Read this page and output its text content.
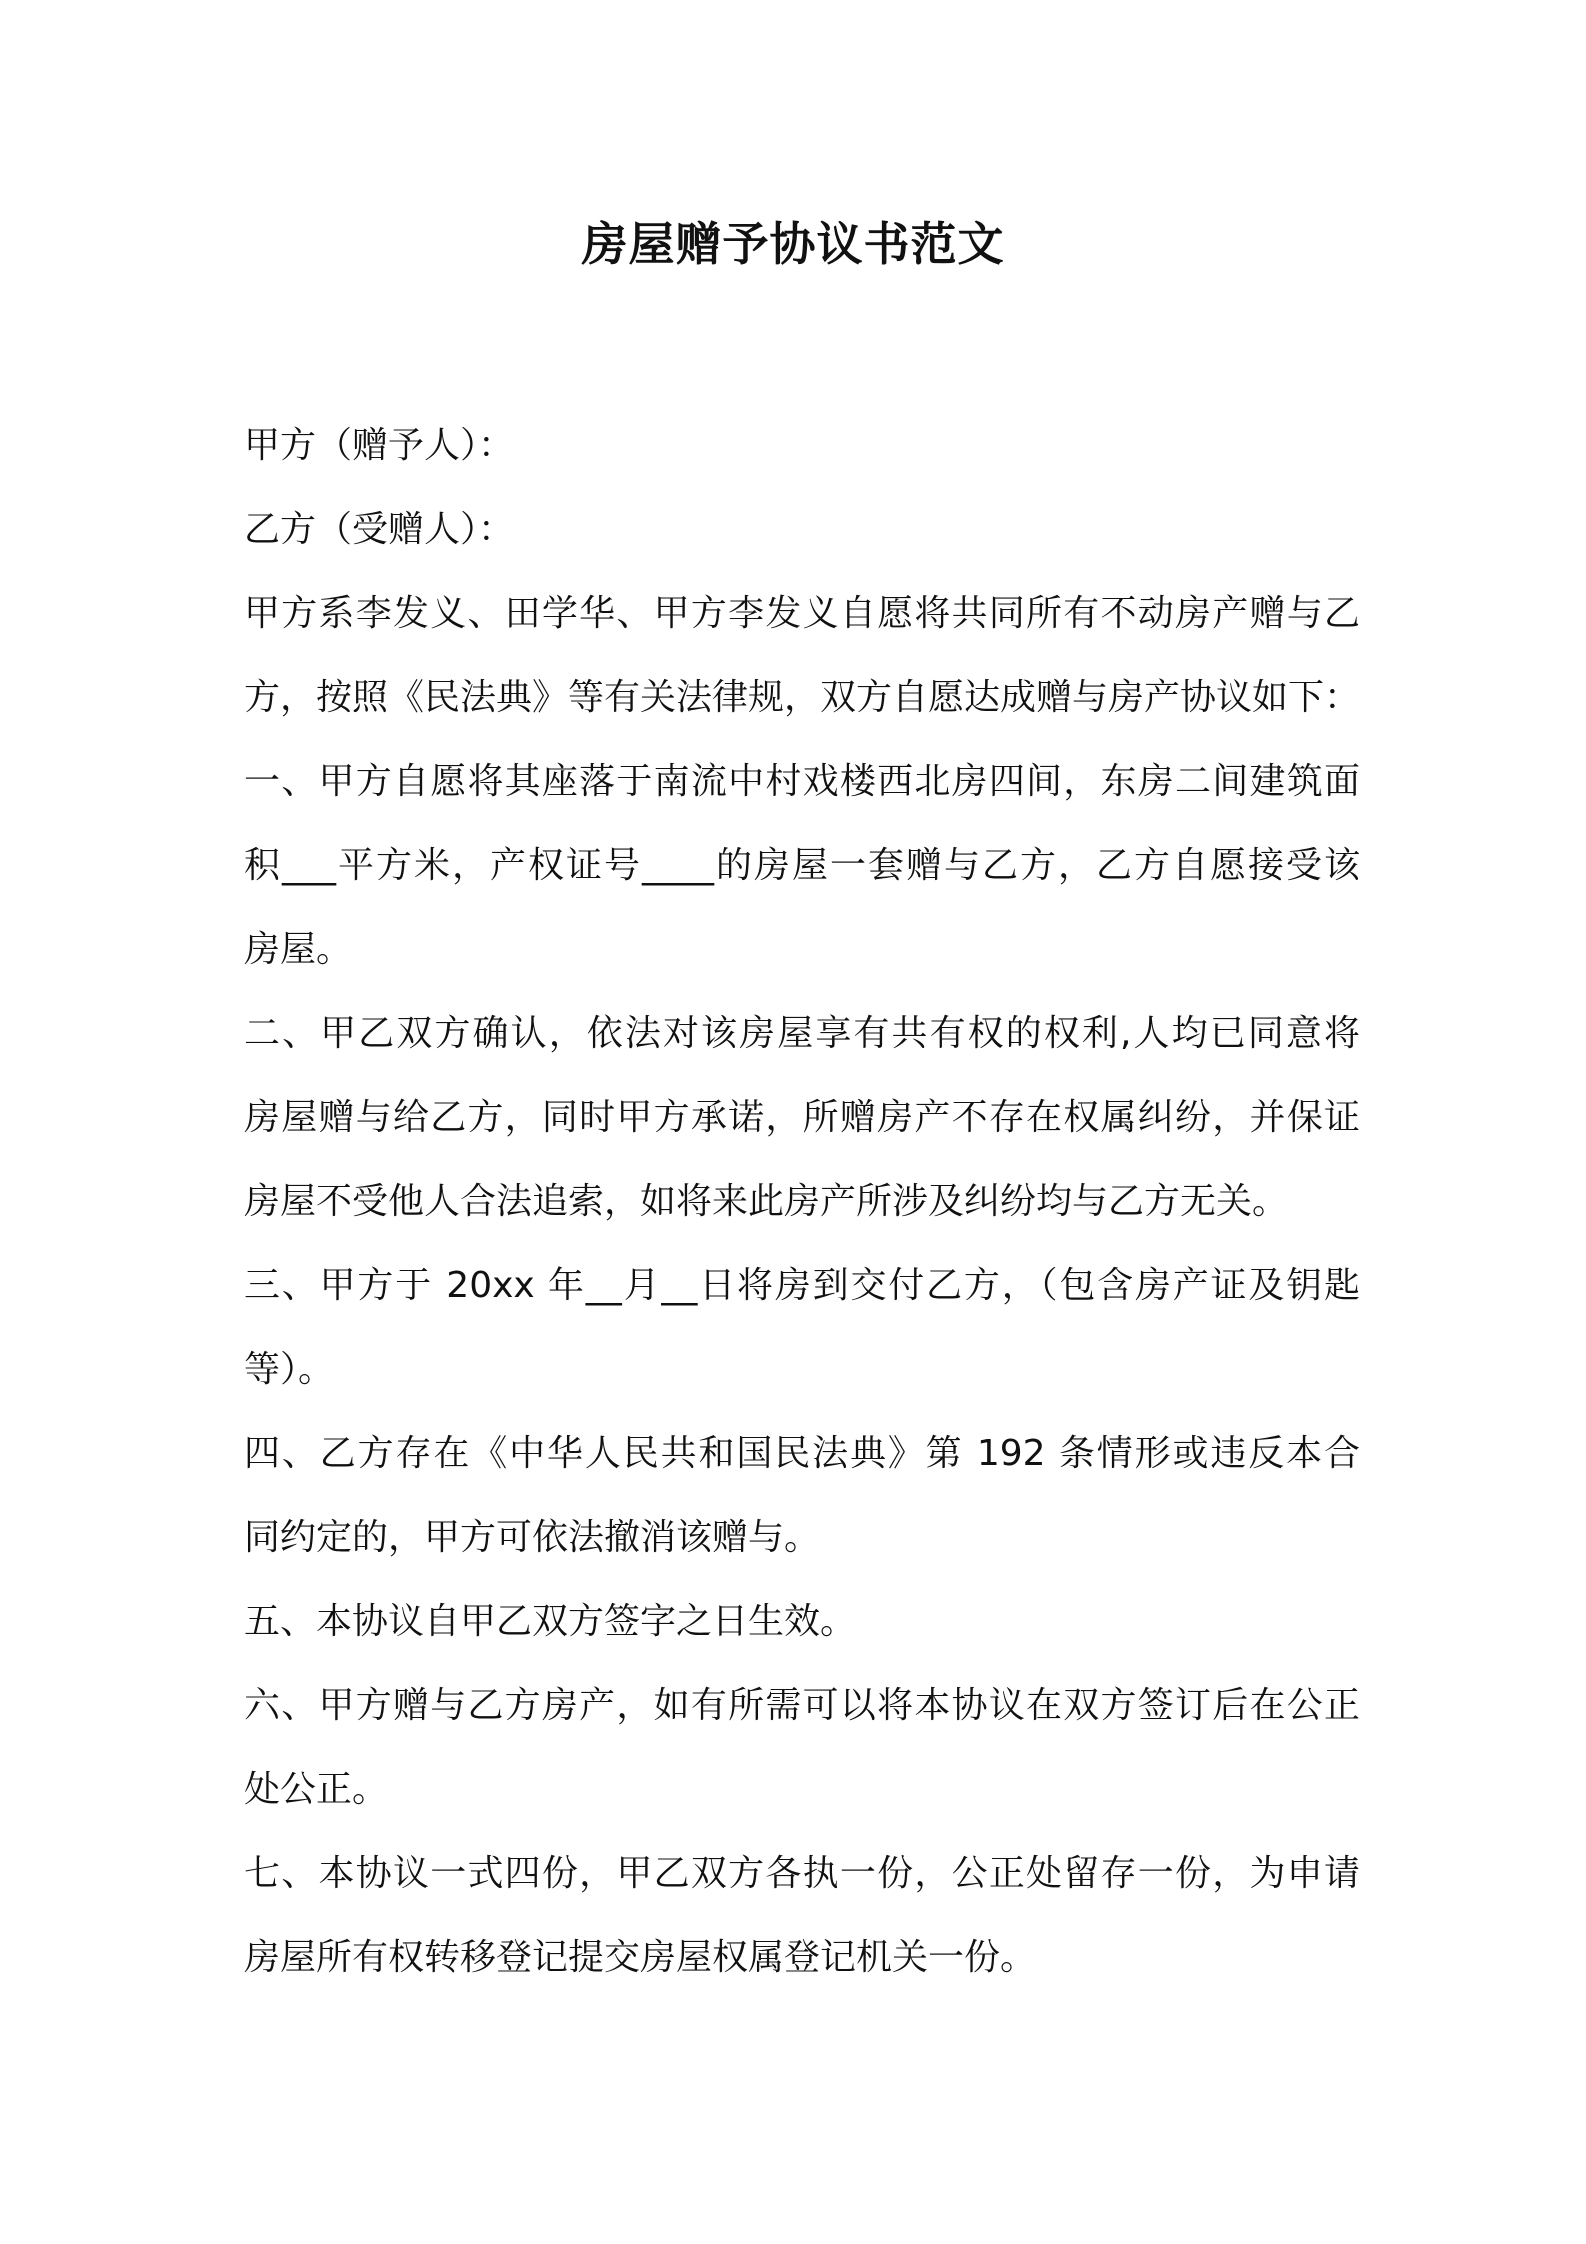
房屋赠予协议书范文
甲方（赠予人）：
乙方（受赠人）：
甲方系李发义、田学华、甲方李发义自愿将共同所有不动房产赠与乙
方，按照《民法典》等有关法律规，双方自愿达成赠与房产协议如下：
一、甲方自愿将其座落于南流中村戏楼西北房四间，东房二间建筑面
积___平方米，产权证号____的房屋一套赠与乙方，乙方自愿接受该
房屋。
二、甲乙双方确认，依法对该房屋享有共有权的权利,人均已同意将
房屋赠与给乙方，同时甲方承诺，所赠房产不存在权属纠纷，并保证
房屋不受他人合法追索，如将来此房产所涉及纠纷均与乙方无关。
三、甲方于 20xx 年__月__日将房到交付乙方，（包含房产证及钥匙
等）。
四、乙方存在《中华人民共和国民法典》第 192 条情形或违反本合
同约定的，甲方可依法撤消该赠与。
五、本协议自甲乙双方签字之日生效。
六、甲方赠与乙方房产，如有所需可以将本协议在双方签订后在公正
处公正。
七、本协议一式四份，甲乙双方各执一份，公正处留存一份，为申请
房屋所有权转移登记提交房屋权属登记机关一份。
